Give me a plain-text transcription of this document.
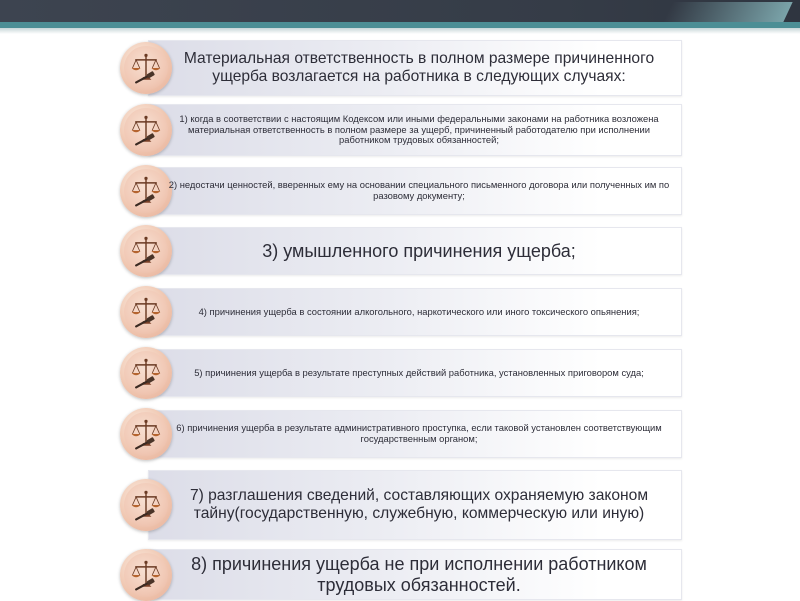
Материальная ответственность в полном размере причиненного ущерба возлагается на работника в следующих случаях:
1) когда в соответствии с настоящим Кодексом или иными федеральными законами на работника возложена материальная ответственность в полном размере за ущерб, причиненный работодателю при исполнении работником трудовых обязанностей;
2) недостачи ценностей, вверенных ему на основании специального письменного договора или полученных им по разовому документу;
3) умышленного причинения ущерба;
4) причинения ущерба в состоянии алкогольного, наркотического или иного токсического опьянения;
5) причинения ущерба в результате преступных действий работника, установленных приговором суда;
6) причинения ущерба в результате административного проступка, если таковой установлен соответствующим государственным органом;
7) разглашения сведений, составляющих охраняемую законом тайну(государственную, служебную, коммерческую или иную)
8) причинения ущерба не при исполнении работником трудовых обязанностей.
